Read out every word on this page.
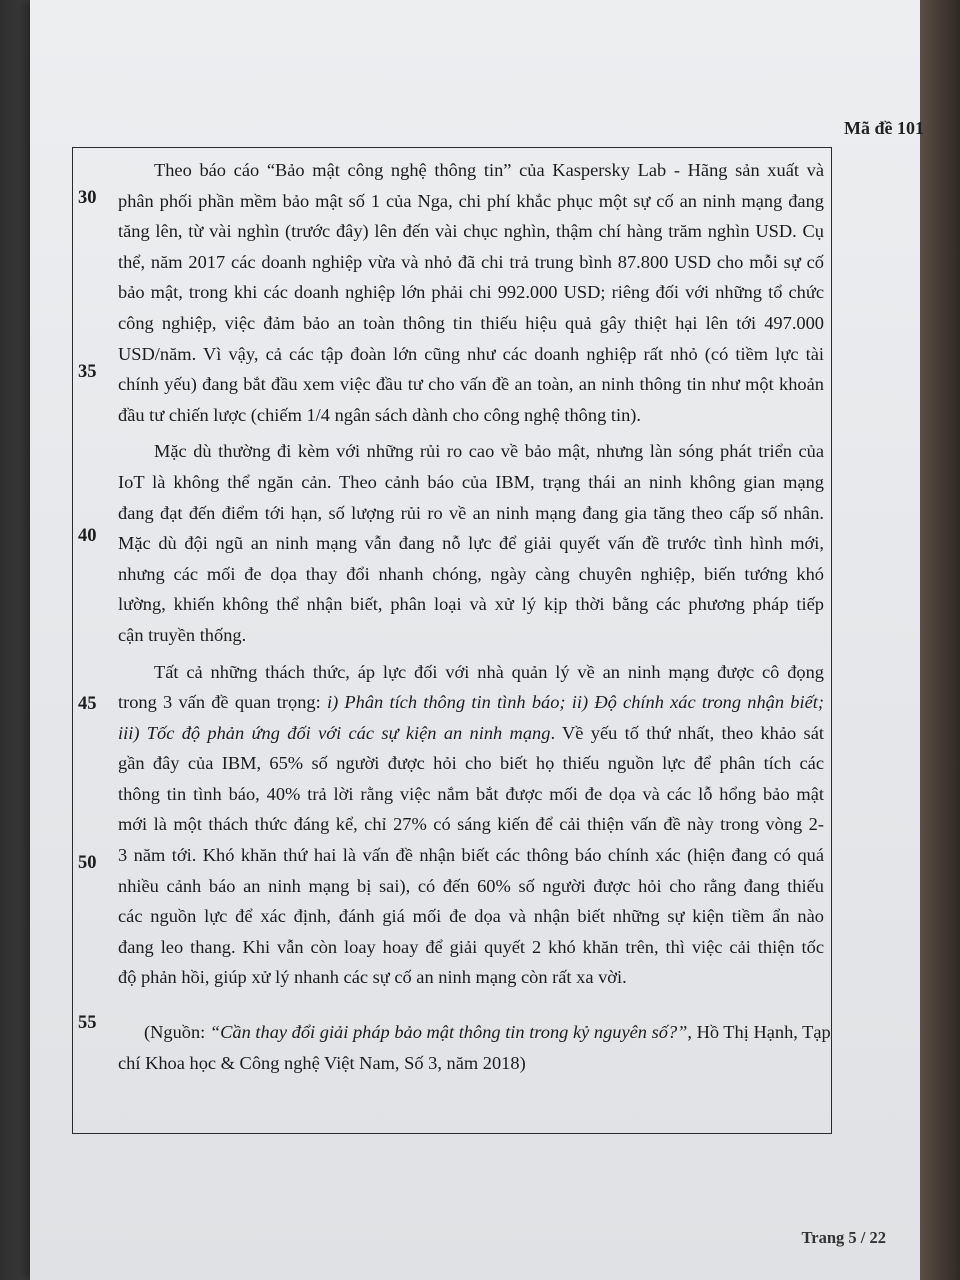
Mã đề 101
30
35
40
45
50
55
Theo báo cáo “Bảo mật công nghệ thông tin” của Kaspersky Lab - Hãng sản xuất và
phân phối phần mềm bảo mật số 1 của Nga, chi phí khắc phục một sự cố an ninh mạng đang
tăng lên, từ vài nghìn (trước đây) lên đến vài chục nghìn, thậm chí hàng trăm nghìn USD. Cụ
thể, năm 2017 các doanh nghiệp vừa và nhỏ đã chi trả trung bình 87.800 USD cho mỗi sự cố
bảo mật, trong khi các doanh nghiệp lớn phải chi 992.000 USD; riêng đối với những tổ chức
công nghiệp, việc đảm bảo an toàn thông tin thiếu hiệu quả gây thiệt hại lên tới 497.000
USD/năm. Vì vậy, cả các tập đoàn lớn cũng như các doanh nghiệp rất nhỏ (có tiềm lực tài
chính yếu) đang bắt đầu xem việc đầu tư cho vấn đề an toàn, an ninh thông tin như một khoản
đầu tư chiến lược (chiếm 1/4 ngân sách dành cho công nghệ thông tin).
Mặc dù thường đi kèm với những rủi ro cao về bảo mật, nhưng làn sóng phát triển của
IoT là không thể ngăn cản. Theo cảnh báo của IBM, trạng thái an ninh không gian mạng
đang đạt đến điểm tới hạn, số lượng rủi ro về an ninh mạng đang gia tăng theo cấp số nhân.
Mặc dù đội ngũ an ninh mạng vẫn đang nỗ lực để giải quyết vấn đề trước tình hình mới,
nhưng các mối đe dọa thay đổi nhanh chóng, ngày càng chuyên nghiệp, biến tướng khó
lường, khiến không thể nhận biết, phân loại và xử lý kịp thời bằng các phương pháp tiếp
cận truyền thống.
Tất cả những thách thức, áp lực đối với nhà quản lý về an ninh mạng được cô đọng
trong 3 vấn đề quan trọng: i) Phân tích thông tin tình báo; ii) Độ chính xác trong nhận biết;
iii) Tốc độ phản ứng đối với các sự kiện an ninh mạng. Về yếu tố thứ nhất, theo khảo sát
gần đây của IBM, 65% số người được hỏi cho biết họ thiếu nguồn lực để phân tích các
thông tin tình báo, 40% trả lời rằng việc nắm bắt được mối đe dọa và các lỗ hổng bảo mật
mới là một thách thức đáng kể, chỉ 27% có sáng kiến để cải thiện vấn đề này trong vòng 2-
3 năm tới. Khó khăn thứ hai là vấn đề nhận biết các thông báo chính xác (hiện đang có quá
nhiều cảnh báo an ninh mạng bị sai), có đến 60% số người được hỏi cho rằng đang thiếu
các nguồn lực để xác định, đánh giá mối đe dọa và nhận biết những sự kiện tiềm ẩn nào
đang leo thang. Khi vẫn còn loay hoay để giải quyết 2 khó khăn trên, thì việc cải thiện tốc
độ phản hồi, giúp xử lý nhanh các sự cố an ninh mạng còn rất xa vời.
(Nguồn: “Cần thay đổi giải pháp bảo mật thông tin trong kỷ nguyên số?”, Hồ Thị Hạnh, Tạp
chí Khoa học & Công nghệ Việt Nam, Số 3, năm 2018)
Trang 5 / 22
